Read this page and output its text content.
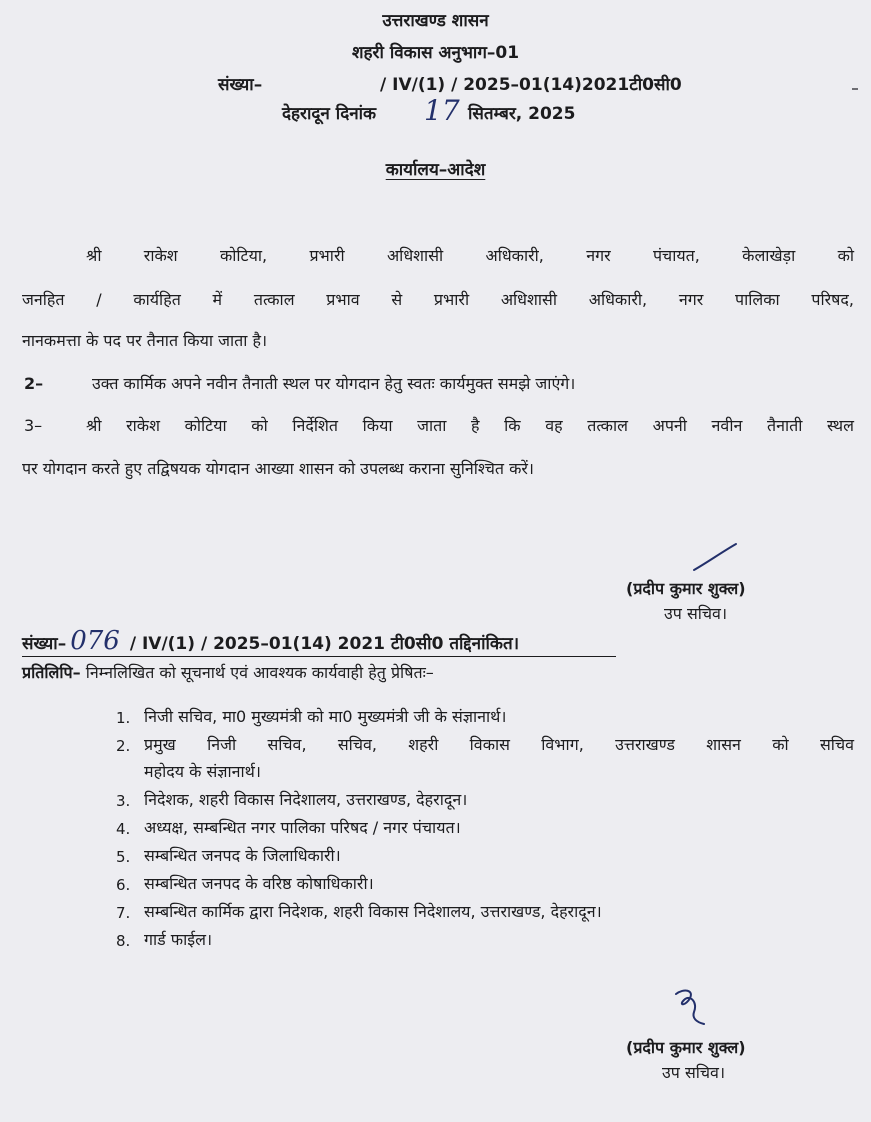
उत्तराखण्ड शासन
शहरी विकास अनुभाग–01
संख्या–	/ IV/(1) / 2025–01(14)2021टी0सी0
देहरादून दिनांक 17 सितम्बर, 2025
कार्यालय–आदेश
श्री राकेश कोटिया, प्रभारी अधिशासी अधिकारी, नगर पंचायत, केलाखेड़ा को
जनहित / कार्यहित में तत्काल प्रभाव से प्रभारी अधिशासी अधिकारी, नगर पालिका परिषद,
नानकमत्ता के पद पर तैनात किया जाता है।
2–	उक्त कार्मिक अपने नवीन तैनाती स्थल पर योगदान हेतु स्वतः कार्यमुक्त समझे जाएंगे।
3–	श्री राकेश कोटिया को निर्देशित किया जाता है कि वह तत्काल अपनी नवीन तैनाती स्थल
पर योगदान करते हुए तद्विषयक योगदान आख्या शासन को उपलब्ध कराना सुनिश्चित करें।
(प्रदीप कुमार शुक्ल)
उप सचिव।
संख्या– 076 / IV/(1) / 2025–01(14) 2021 टी0सी0 तद्दिनांकित।
प्रतिलिपि– निम्नलिखित को सूचनार्थ एवं आवश्यक कार्यवाही हेतु प्रेषितः–
1. निजी सचिव, मा0 मुख्यमंत्री को मा0 मुख्यमंत्री जी के संज्ञानार्थ।
2. प्रमुख निजी सचिव, सचिव, शहरी विकास विभाग, उत्तराखण्ड शासन को सचिव
महोदय के संज्ञानार्थ।
3. निदेशक, शहरी विकास निदेशालय, उत्तराखण्ड, देहरादून।
4. अध्यक्ष, सम्बन्धित नगर पालिका परिषद / नगर पंचायत।
5. सम्बन्धित जनपद के जिलाधिकारी।
6. सम्बन्धित जनपद के वरिष्ठ कोषाधिकारी।
7. सम्बन्धित कार्मिक द्वारा निदेशक, शहरी विकास निदेशालय, उत्तराखण्ड, देहरादून।
8. गार्ड फाईल।
(प्रदीप कुमार शुक्ल)
उप सचिव।
